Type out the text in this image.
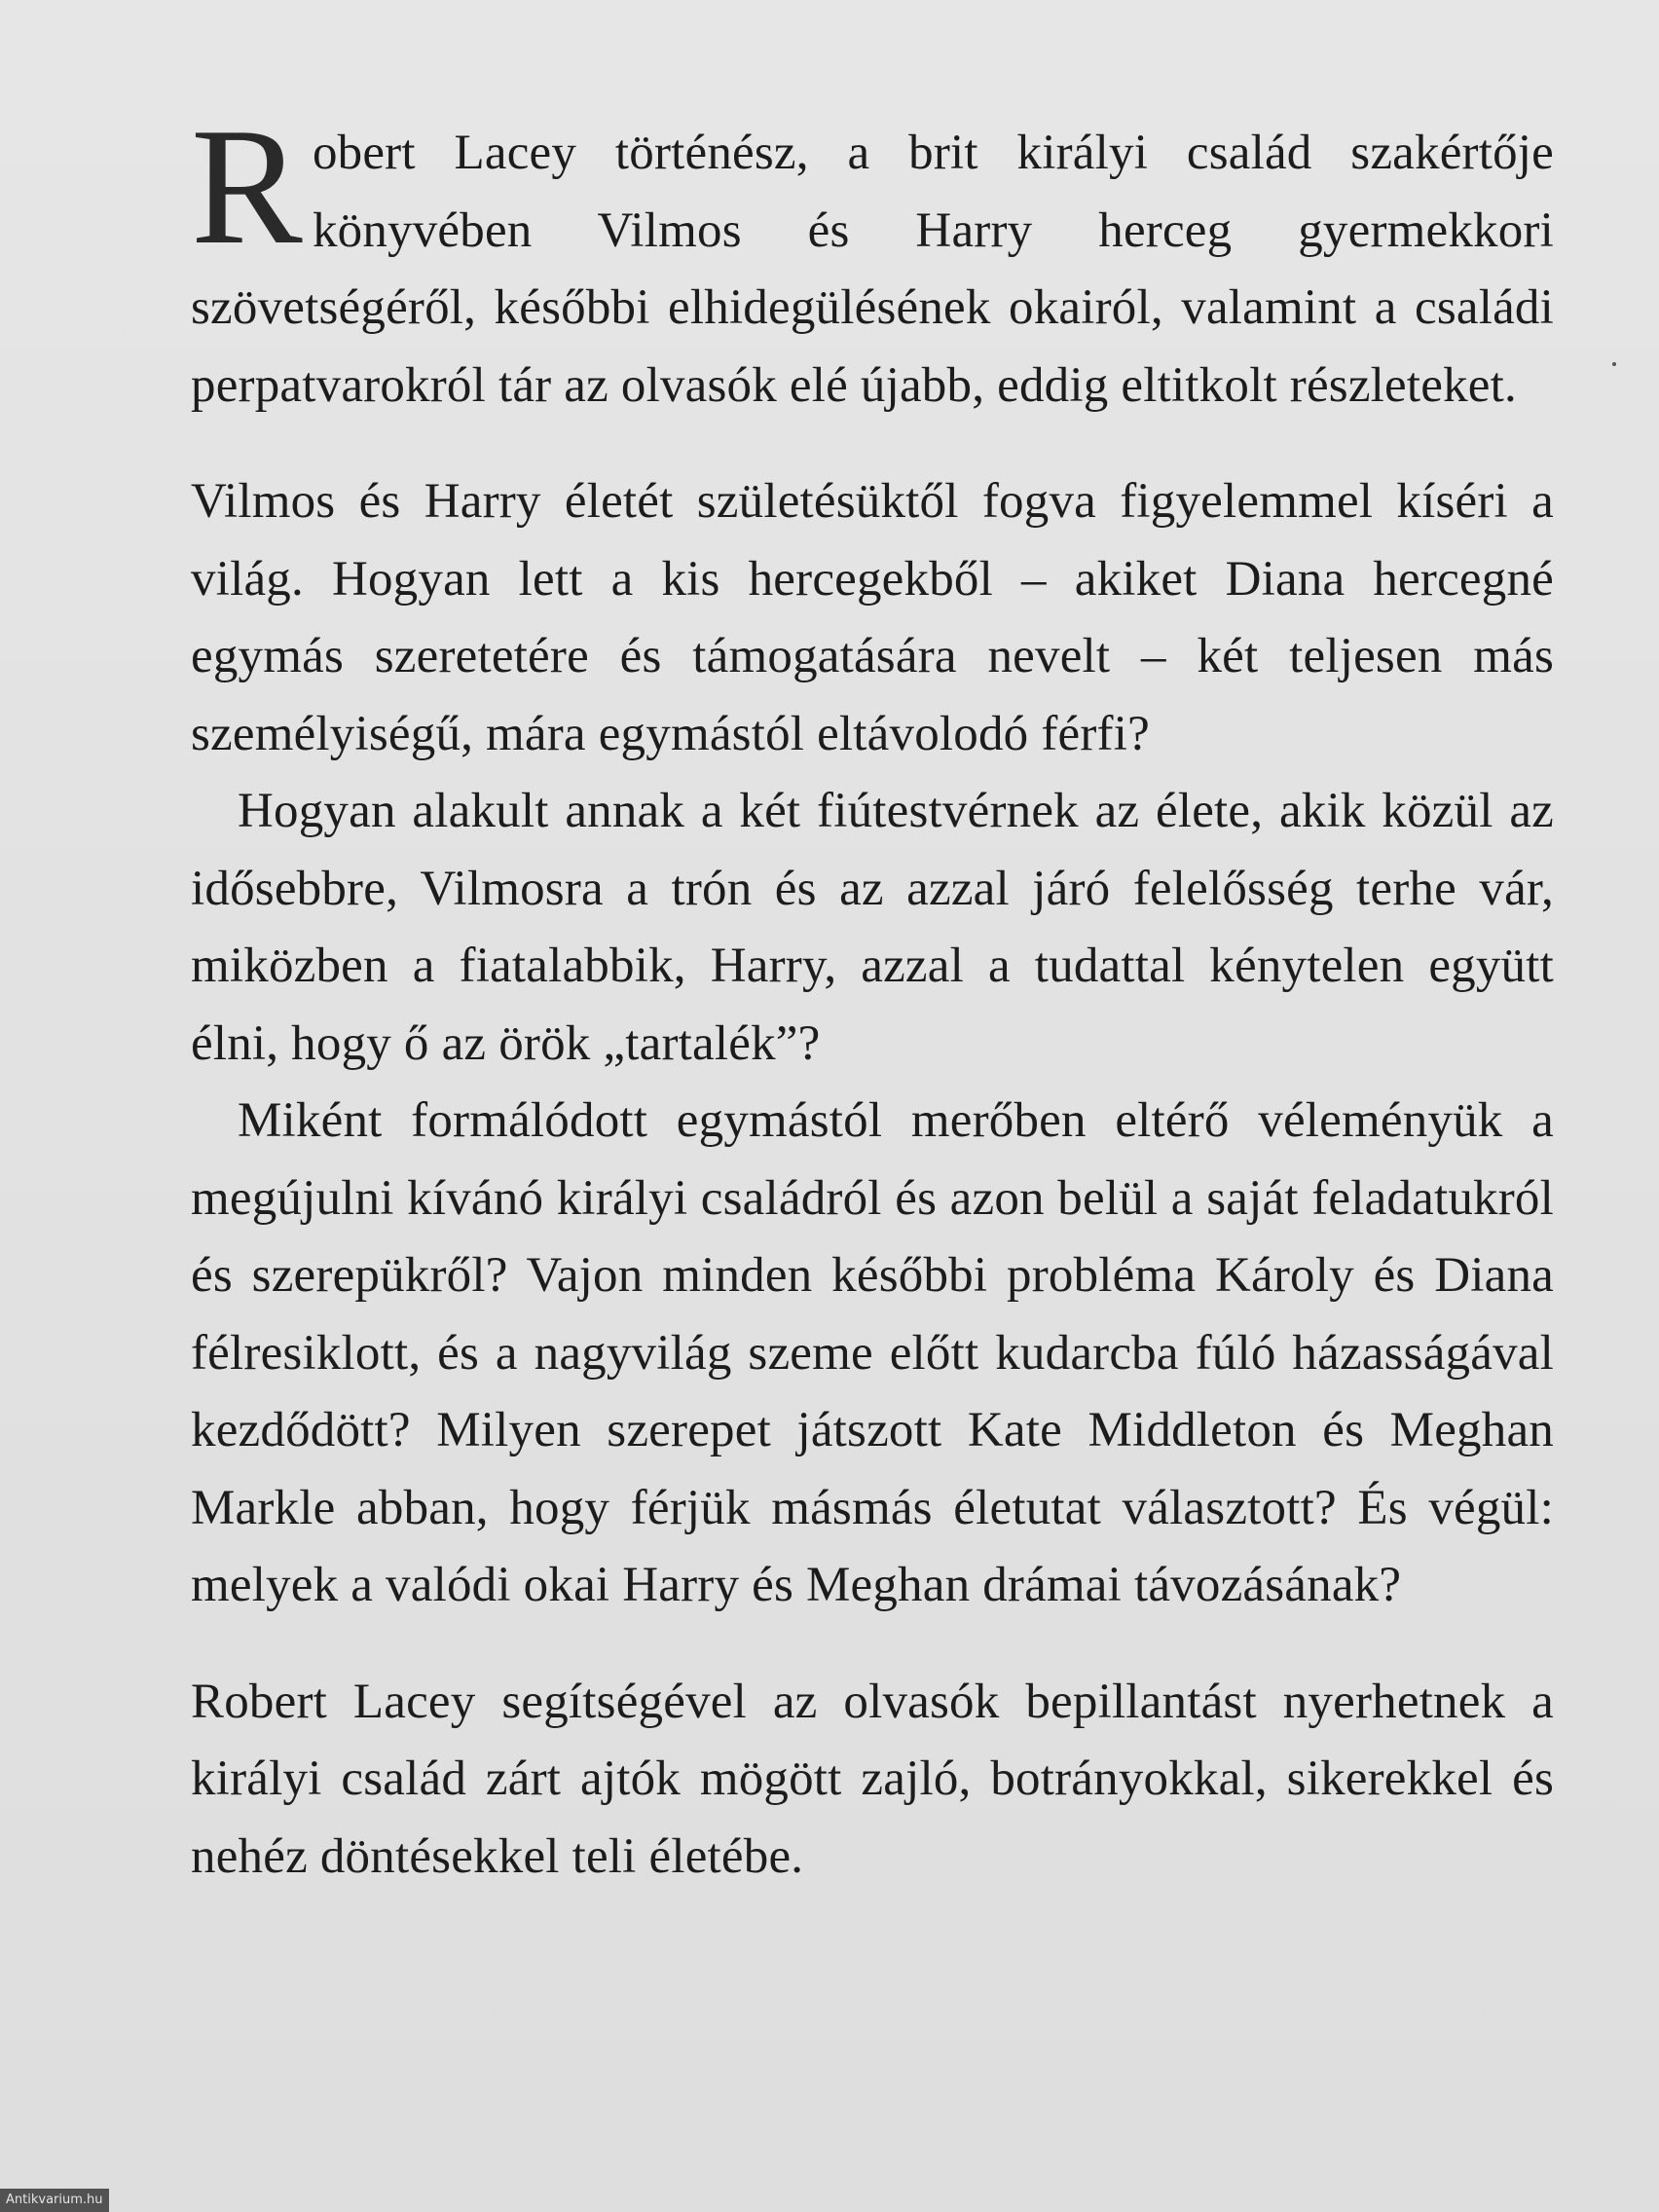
Robert Lacey történész, a brit királyi család szakértője könyvében Vilmos és Harry herceg gyermekkori szövetségéről, későbbi elhidegülésének okairól, valamint a családi perpatvarokról tár az olvasók elé újabb, eddig eltitkolt részleteket.

Vilmos és Harry életét születésüktől fogva figyelemmel kíséri a világ. Hogyan lett a kis hercegekből – akiket Diana hercegné egymás szeretetére és támogatására nevelt – két teljesen más személyiségű, mára egymástól eltávolodó férfi?

Hogyan alakult annak a két fiútestvérnek az élete, akik közül az idősebbre, Vilmosra a trón és az azzal járó felelősség terhe vár, miközben a fiatalabbik, Harry, azzal a tudattal kénytelen együtt élni, hogy ő az örök „tartalék”?

Miként formálódott egymástól merőben eltérő véleményük a megújulni kívánó királyi családról és azon belül a saját feladatukról és szerepükről? Vajon minden későbbi probléma Károly és Diana félresiklott, és a nagyvilág szeme előtt kudarcba fúló házasságával kezdődött? Milyen szerepet játszott Kate Middleton és Meghan Markle abban, hogy férjük másmás életutat választott? És végül: melyek a valódi okai Harry és Meghan drámai távozásának?

Robert Lacey segítségével az olvasók bepillantást nyerhetnek a királyi család zárt ajtók mögött zajló, botrányokkal, sikerekkel és nehéz döntésekkel teli életébe.

Antikvarium.hu
